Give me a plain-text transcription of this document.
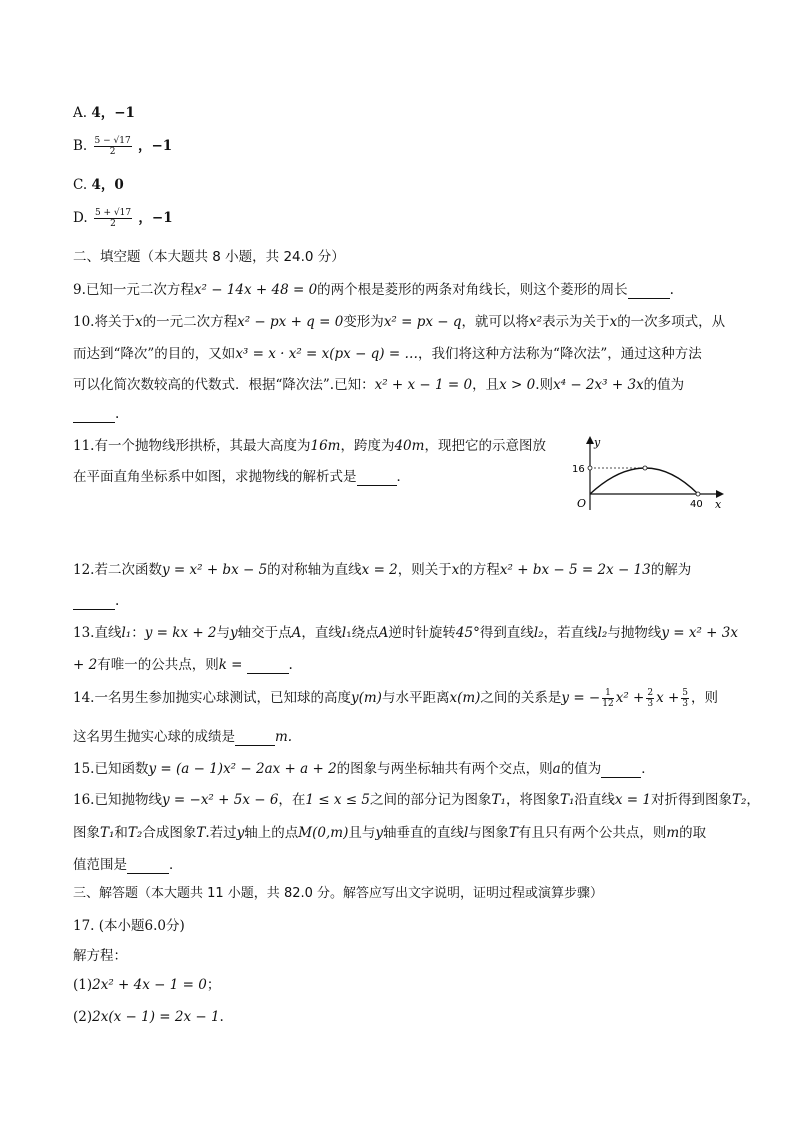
A. 4，−1
B. $\frac{5 - √17}{2}$ ，−1
C. 4，0
D. $\frac{5 + √17}{2}$ ，−1
二、填空题（本大题共 8 小题，共 24.0 分）
9.已知一元二次方程x² − 14x + 48 = 0的两个根是菱形的两条对角线长，则这个菱形的周长	.
10.将关于x的一元二次方程x² − px + q = 0变形为x² = px − q，就可以将x²表示为关于x的一次多项式，从
而达到“降次”的目的，又如x³ = x · x² = x(px − q) = …，我们将这种方法称为“降次法”，通过这种方法
可以化简次数较高的代数式．根据“降次法”.已知：x² + x − 1 = 0，且x > 0.则x⁴ − 2x³ + 3x的值为
.
11.有一个抛物线形拱桥，其最大高度为16m，跨度为40m，现把它的示意图放
在平面直角坐标系中如图，求抛物线的解析式是	．
y
x
O
16
40
12.若二次函数y = x² + bx − 5的对称轴为直线x = 2，则关于x的方程x² + bx − 5 = 2x − 13的解为
.
13.直线l₁：y = kx + 2与y轴交于点A，直线l₁绕点A逆时针旋转45°得到直线l₂，若直线l₂与抛物线y = x² + 3x
+ 2有唯一的公共点，则k =	.
14.一名男生参加抛实心球测试，已知球的高度y(m)与水平距离x(m)之间的关系是y = − $\frac{1}{12} x^2 + \frac{2}{3}$ $x + \frac{5}{3}$ ，则
这名男生抛实心球的成绩是	m.
15.已知函数y = (a − 1)x² − 2ax + a + 2的图象与两坐标轴共有两个交点，则a的值为	．
16.已知抛物线y = −x² + 5x − 6，在1 ≤ x ≤ 5之间的部分记为图象T₁，将图象T₁沿直线x = 1对折得到图象T₂，
图象T₁和T₂合成图象T.若过y轴上的点M(0,m)且与y轴垂直的直线l与图象T有且只有两个公共点，则m的取
值范围是	．
三、解答题（本大题共 11 小题，共 82.0 分。解答应写出文字说明，证明过程或演算步骤）
17. (本小题6.0分)
解方程：
(1)2x² + 4x − 1 = 0；
(2)2x(x − 1) = 2x − 1.
